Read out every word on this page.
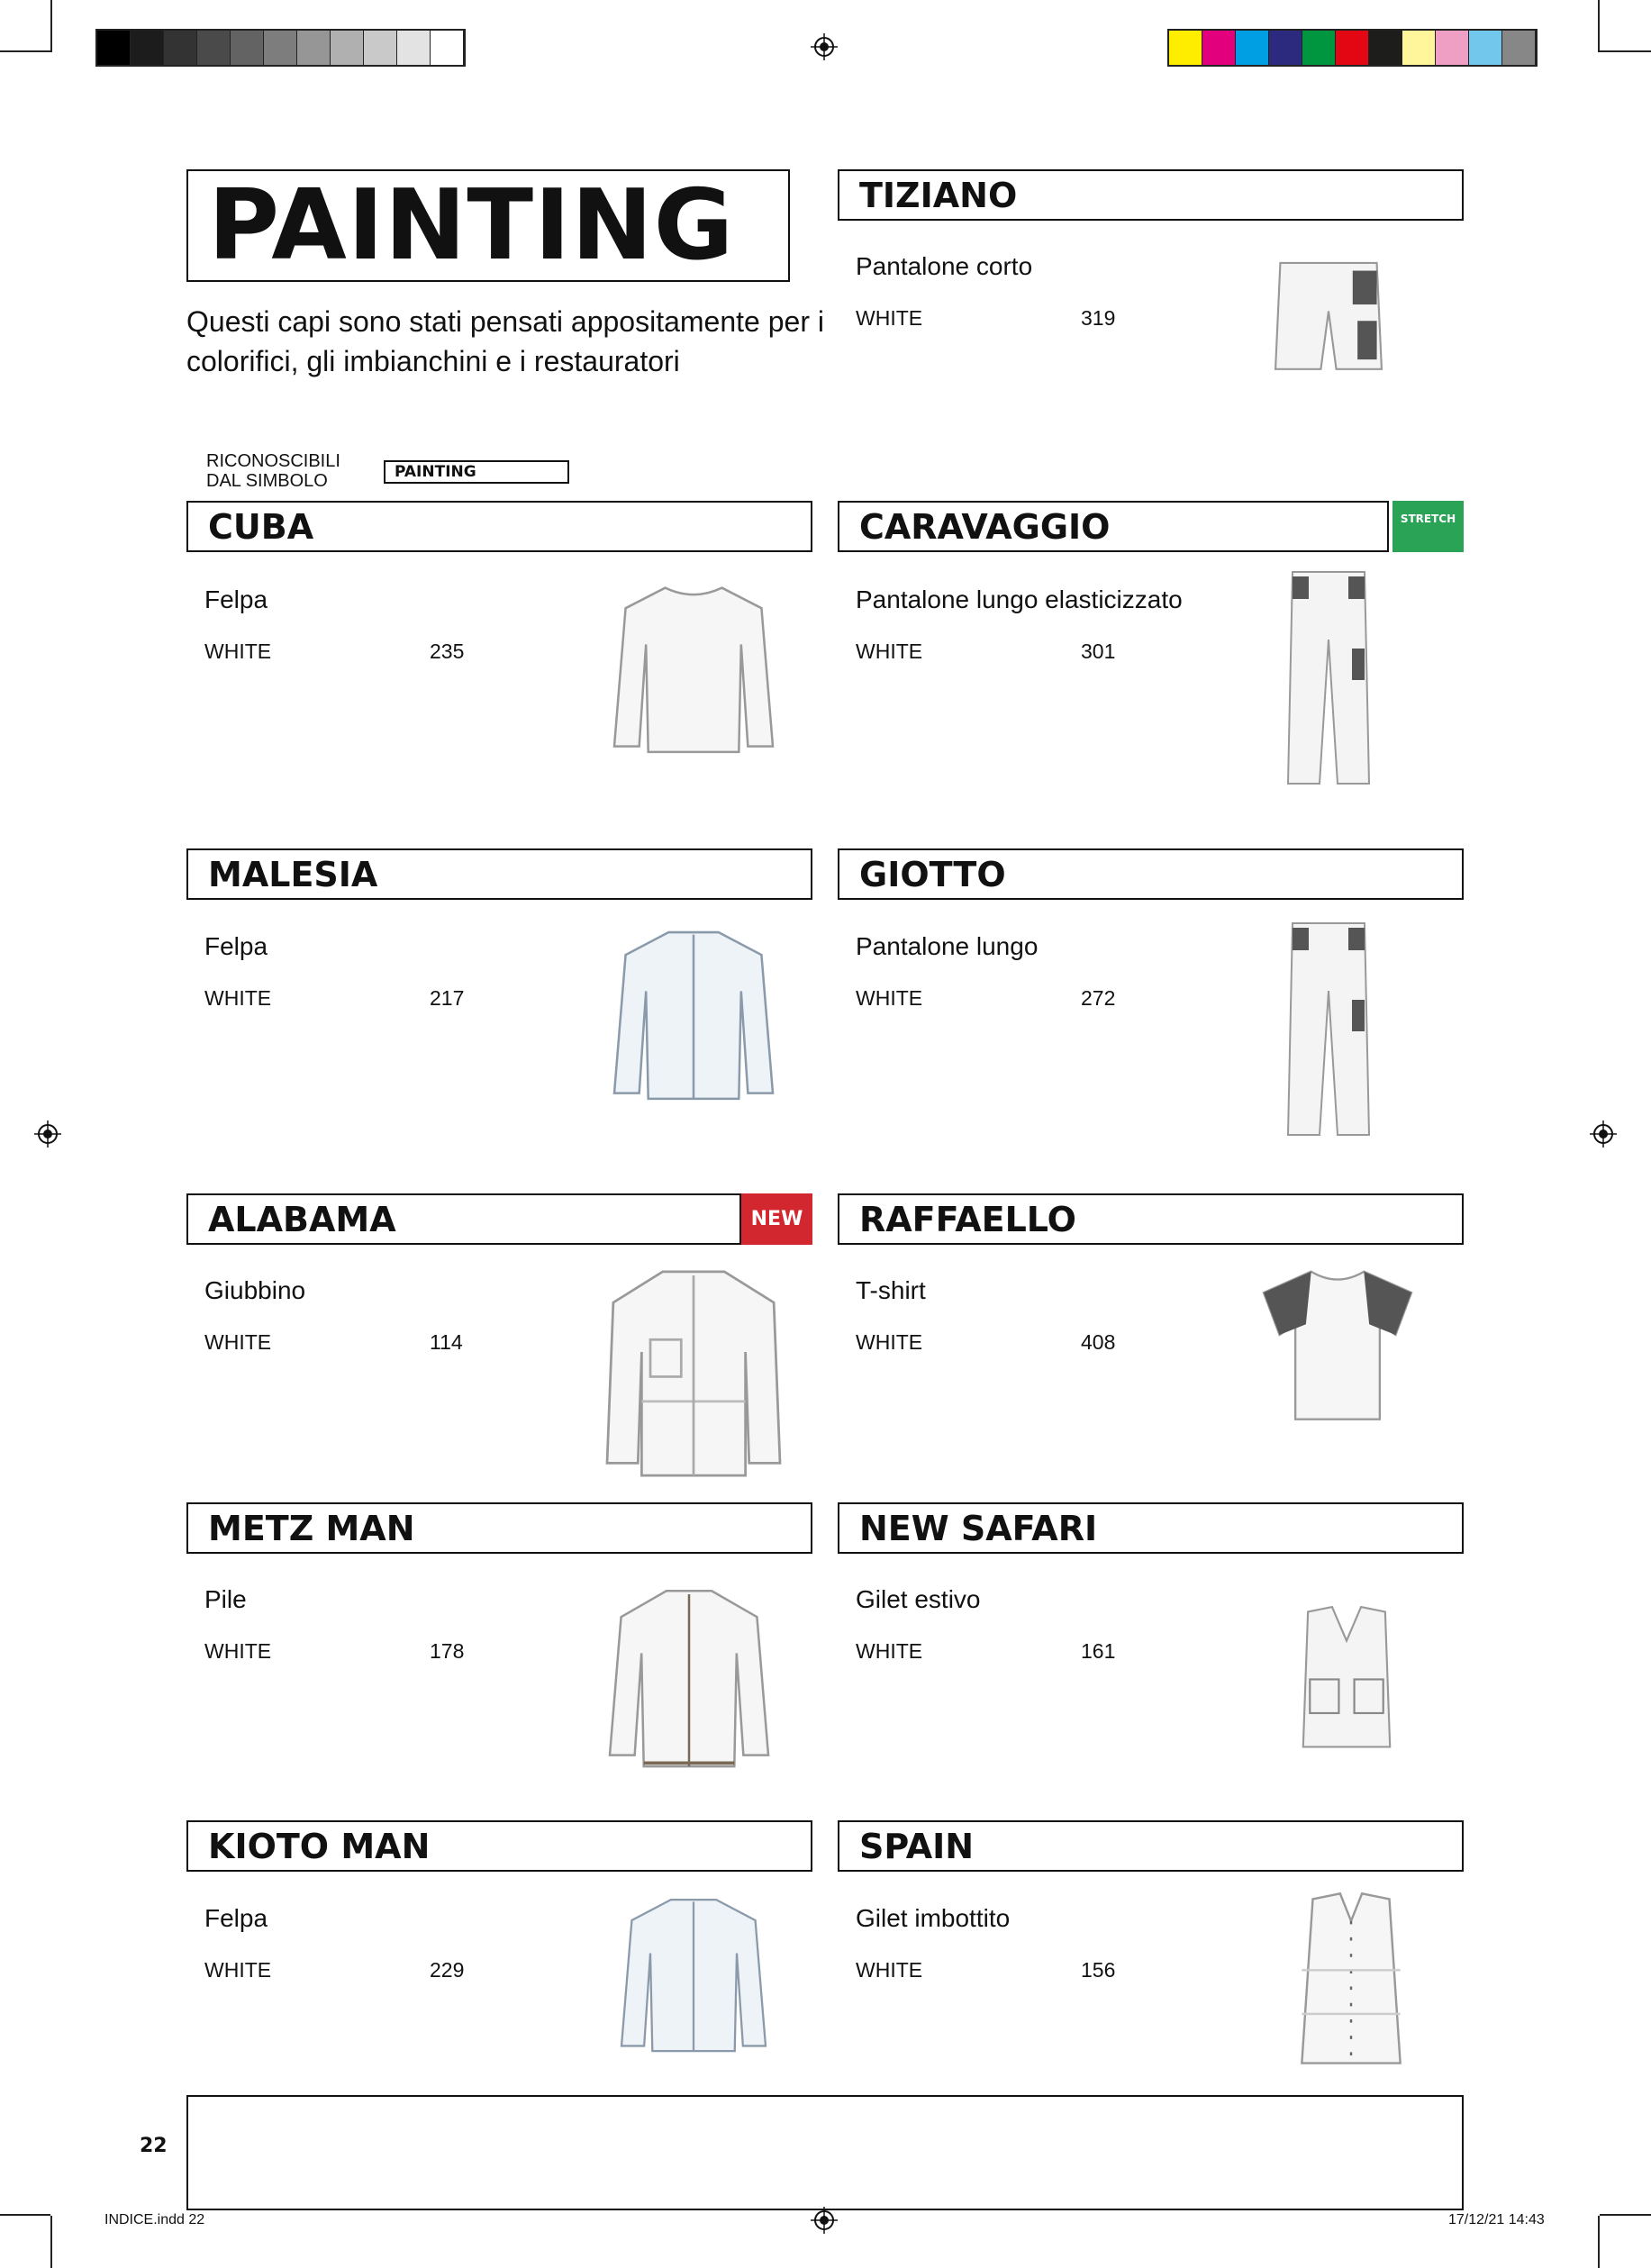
PAINTING
Questi capi sono stati pensati appositamente per i colorifici, gli imbianchini e i restauratori
RICONOSCIBILI
DAL SIMBOLO	PAINTING
TIZIANO
Pantalone corto
WHITE	319
CUBA
Felpa
WHITE	235
CARAVAGGIO	STRETCH
Pantalone lungo elasticizzato
WHITE	301
MALESIA
Felpa
WHITE	217
GIOTTO
Pantalone lungo
WHITE	272
ALABAMA	NEW
Giubbino
WHITE	114
RAFFAELLO
T-shirt
WHITE	408
METZ MAN
Pile
WHITE	178
NEW SAFARI
Gilet estivo
WHITE	161
KIOTO MAN
Felpa
WHITE	229
SPAIN
Gilet imbottito
WHITE	156
22
INDICE.indd 22	17/12/21 14:43
